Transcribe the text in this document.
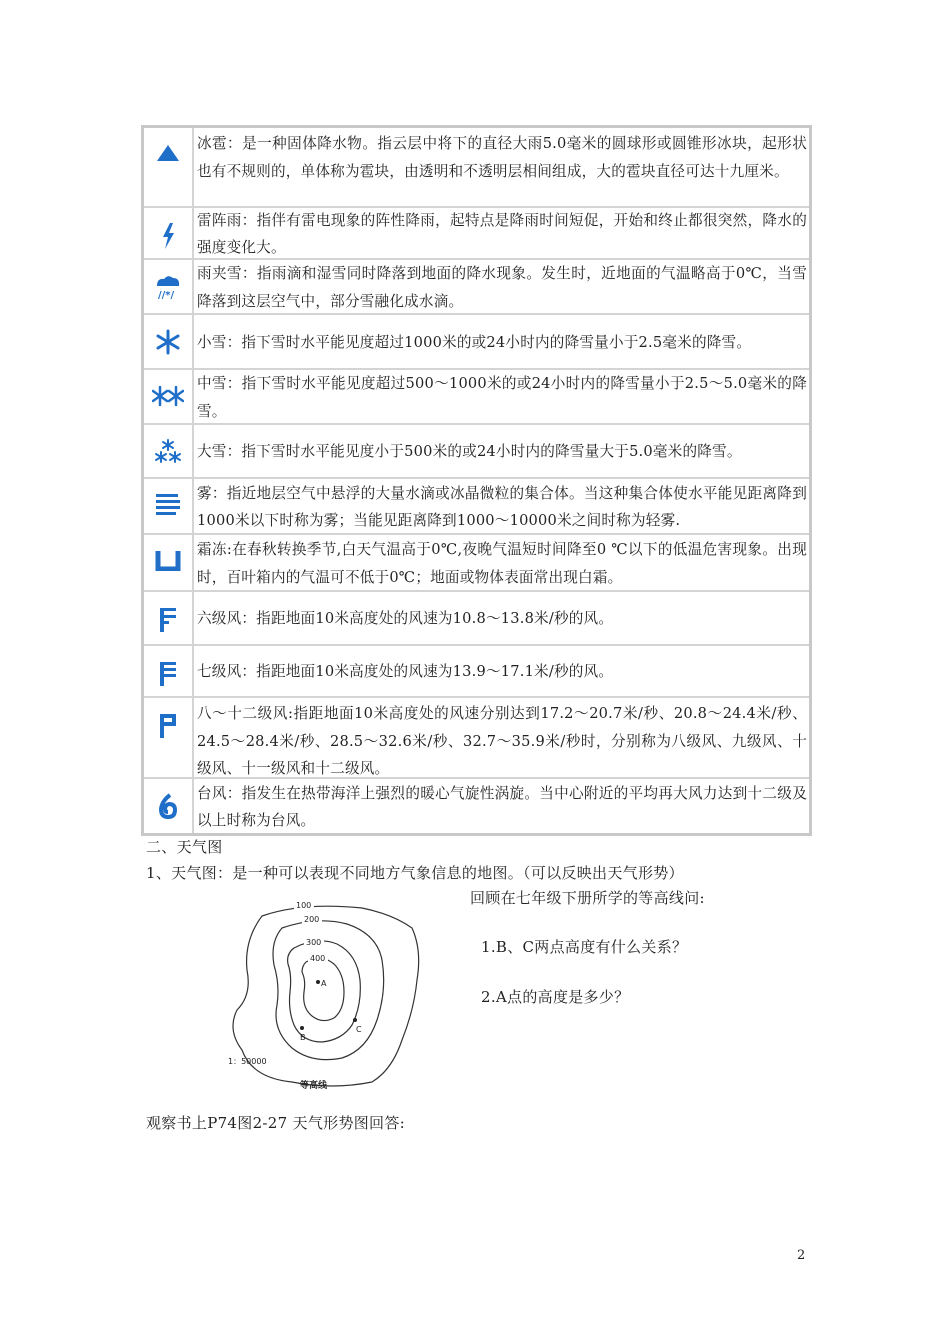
冰雹：是一种固体降水物。指云层中将下的直径大雨5.0毫米的圆球形或圆锥形冰块，起形状也有不规则的，单体称为雹块，由透明和不透明层相间组成，大的雹块直径可达十九厘米。
雷阵雨：指伴有雷电现象的阵性降雨，起特点是降雨时间短促，开始和终止都很突然，降水的强度变化大。
//*/
雨夹雪：指雨滴和湿雪同时降落到地面的降水现象。发生时，近地面的气温略高于0℃，当雪降落到这层空气中，部分雪融化成水滴。
小雪：指下雪时水平能见度超过1000米的或24小时内的降雪量小于2.5毫米的降雪。
中雪：指下雪时水平能见度超过500～1000米的或24小时内的降雪量小于2.5～5.0毫米的降雪。
大雪：指下雪时水平能见度小于500米的或24小时内的降雪量大于5.0毫米的降雪。
雾：指近地层空气中悬浮的大量水滴或冰晶微粒的集合体。当这种集合体使水平能见距离降到1000米以下时称为雾；当能见距离降到1000～10000米之间时称为轻雾.
霜冻:在春秋转换季节,白天气温高于0℃,夜晚气温短时间降至0 ℃以下的低温危害现象。出现时，百叶箱内的气温可不低于0℃；地面或物体表面常出现白霜。
六级风：指距地面10米高度处的风速为10.8～13.8米/秒的风。
七级风：指距地面10米高度处的风速为13.9～17.1米/秒的风。
八～十二级风:指距地面10米高度处的风速分别达到17.2～20.7米/秒、20.8～24.4米/秒、24.5～28.4米/秒、28.5～32.6米/秒、32.7～35.9米/秒时，分别称为八级风、九级风、十级风、十一级风和十二级风。
台风：指发生在热带海洋上强烈的暖心气旋性涡旋。当中心附近的平均再大风力达到十二级及以上时称为台风。
二、天气图
1、天气图：是一种可以表现不同地方气象信息的地图。（可以反映出天气形势）
回顾在七年级下册所学的等高线问:
1.B、C两点高度有什么关系？
2.A点的高度是多少？
100
200
300
400
A
B
C
1：50000
等高线
观察书上P74图2-27 天气形势图回答:
2
